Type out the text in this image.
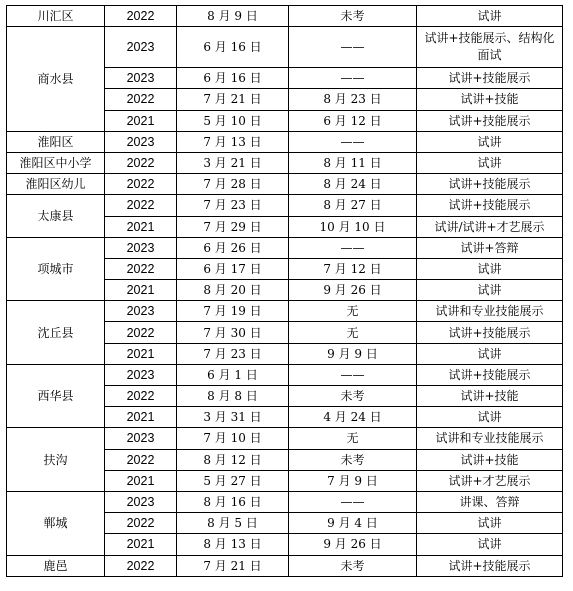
川汇区	2022	8 月 9 日	未考	试讲
商水县	2023	6 月 16 日	——	试讲+技能展示、结构化面试
	2023	6 月 16 日	——	试讲+技能展示
	2022	7 月 21 日	8 月 23 日	试讲+技能
	2021	5 月 10 日	6 月 12 日	试讲+技能展示
淮阳区	2023	7 月 13 日	——	试讲
淮阳区中小学	2022	3 月 21 日	8 月 11 日	试讲
淮阳区幼儿	2022	7 月 28 日	8 月 24 日	试讲+技能展示
太康县	2022	7 月 23 日	8 月 27 日	试讲+技能展示
	2021	7 月 29 日	10 月 10 日	试讲/试讲+才艺展示
项城市	2023	6 月 26 日	——	试讲+答辩
	2022	6 月 17 日	7 月 12 日	试讲
	2021	8 月 20 日	9 月 26 日	试讲
沈丘县	2023	7 月 19 日	无	试讲和专业技能展示
	2022	7 月 30 日	无	试讲+技能展示
	2021	7 月 23 日	9 月 9 日	试讲
西华县	2023	6 月 1 日	——	试讲+技能展示
	2022	8 月 8 日	未考	试讲+技能
	2021	3 月 31 日	4 月 24 日	试讲
扶沟	2023	7 月 10 日	无	试讲和专业技能展示
	2022	8 月 12 日	未考	试讲+技能
	2021	5 月 27 日	7 月 9 日	试讲+才艺展示
郸城	2023	8 月 16 日	——	讲课、答辩
	2022	8 月 5 日	9 月 4 日	试讲
	2021	8 月 13 日	9 月 26 日	试讲
鹿邑	2022	7 月 21 日	未考	试讲+技能展示
